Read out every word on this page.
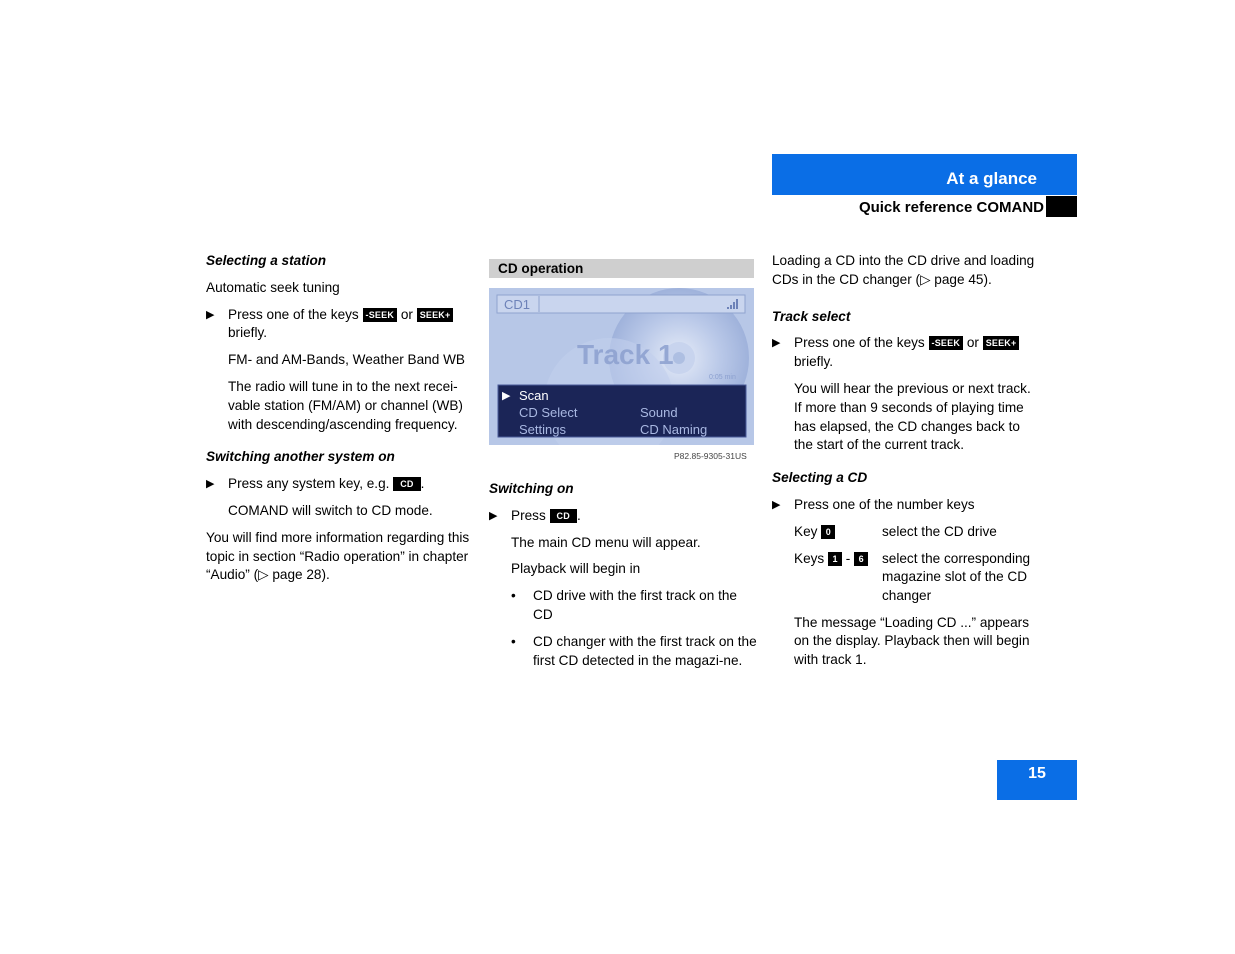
At a glance
Quick reference COMAND

Selecting a station

Automatic seek tuning

▶ Press one of the keys -SEEK or SEEK+
briefly.

FM- and AM-Bands, Weather Band WB

The radio will tune in to the next recei-vable station (FM/AM) or channel (WB) with descending/ascending frequency.

Switching another system on

▶ Press any system key, e.g. CD .

COMAND will switch to CD mode.

You will find more information regarding this topic in section “Radio operation” in chapter “Audio” (▷ page 28).

CD operation
CD1
Track 1
0:05 min
▶ Scan
CD Select	Sound
Settings	CD Naming
P82.85-9305-31US

Switching on

▶ Press CD .

The main CD menu will appear.

Playback will begin in

• CD drive with the first track on the CD
• CD changer with the first track on the first CD detected in the magazi-ne.

Loading a CD into the CD drive and loading CDs in the CD changer (▷ page 45).

Track select

▶ Press one of the keys -SEEK or SEEK+
briefly.

You will hear the previous or next track. If more than 9 seconds of playing time has elapsed, the CD changes back to the start of the current track.

Selecting a CD

▶ Press one of the number keys
Key 0	select the CD drive
Keys 1 - 6	select the corresponding magazine slot of the CD changer

The message “Loading CD ...” appears on the display. Playback then will begin with track 1.

15
